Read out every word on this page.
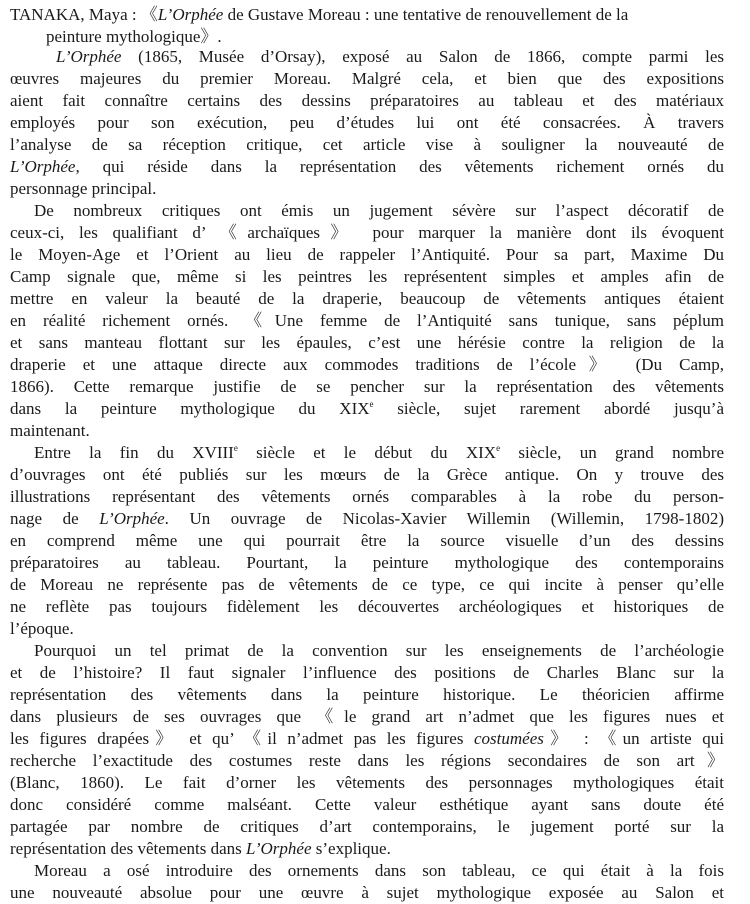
TANAKA, Maya : 《L’Orphée de Gustave Moreau : une tentative de renouvellement de la
peinture mythologique》.
L’Orphée (1865, Musée d’Orsay), exposé au Salon de 1866, compte parmi les
œuvres majeures du premier Moreau. Malgré cela, et bien que des expositions
aient fait connaître certains des dessins préparatoires au tableau et des matériaux
employés pour son exécution, peu d’études lui ont été consacrées. À travers
l’analyse de sa réception critique, cet article vise à souligner la nouveauté de
L’Orphée, qui réside dans la représentation des vêtements richement ornés du
personnage principal.
De nombreux critiques ont émis un jugement sévère sur l’aspect décoratif de
ceux-ci, les qualifiant d’ 《archaïques》 pour marquer la manière dont ils évoquent
le Moyen-Age et l’Orient au lieu de rappeler l’Antiquité. Pour sa part, Maxime Du
Camp signale que, même si les peintres les représentent simples et amples afin de
mettre en valeur la beauté de la draperie, beaucoup de vêtements antiques étaient
en réalité richement ornés. 《Une femme de l’Antiquité sans tunique, sans péplum
et sans manteau flottant sur les épaules, c’est une hérésie contre la religion de la
draperie et une attaque directe aux commodes traditions de l’école》 (Du Camp,
1866). Cette remarque justifie de se pencher sur la représentation des vêtements
dans la peinture mythologique du XIXe siècle, sujet rarement abordé jusqu’à
maintenant.
Entre la fin du XVIIIe siècle et le début du XIXe siècle, un grand nombre
d’ouvrages ont été publiés sur les mœurs de la Grèce antique. On y trouve des
illustrations représentant des vêtements ornés comparables à la robe du person-
nage de L’Orphée. Un ouvrage de Nicolas-Xavier Willemin (Willemin, 1798-1802)
en comprend même une qui pourrait être la source visuelle d’un des dessins
préparatoires au tableau. Pourtant, la peinture mythologique des contemporains
de Moreau ne représente pas de vêtements de ce type, ce qui incite à penser qu’elle
ne reflète pas toujours fidèlement les découvertes archéologiques et historiques de
l’époque.
Pourquoi un tel primat de la convention sur les enseignements de l’archéologie
et de l’histoire? Il faut signaler l’influence des positions de Charles Blanc sur la
représentation des vêtements dans la peinture historique. Le théoricien affirme
dans plusieurs de ses ouvrages que 《le grand art n’admet que les figures nues et
les figures drapées》 et qu’ 《il n’admet pas les figures costumées》 : 《un artiste qui
recherche l’exactitude des costumes reste dans les régions secondaires de son art》
(Blanc, 1860). Le fait d’orner les vêtements des personnages mythologiques était
donc considéré comme malséant. Cette valeur esthétique ayant sans doute été
partagée par nombre de critiques d’art contemporains, le jugement porté sur la
représentation des vêtements dans L’Orphée s’explique.
Moreau a osé introduire des ornements dans son tableau, ce qui était à la fois
une nouveauté absolue pour une œuvre à sujet mythologique exposée au Salon et
